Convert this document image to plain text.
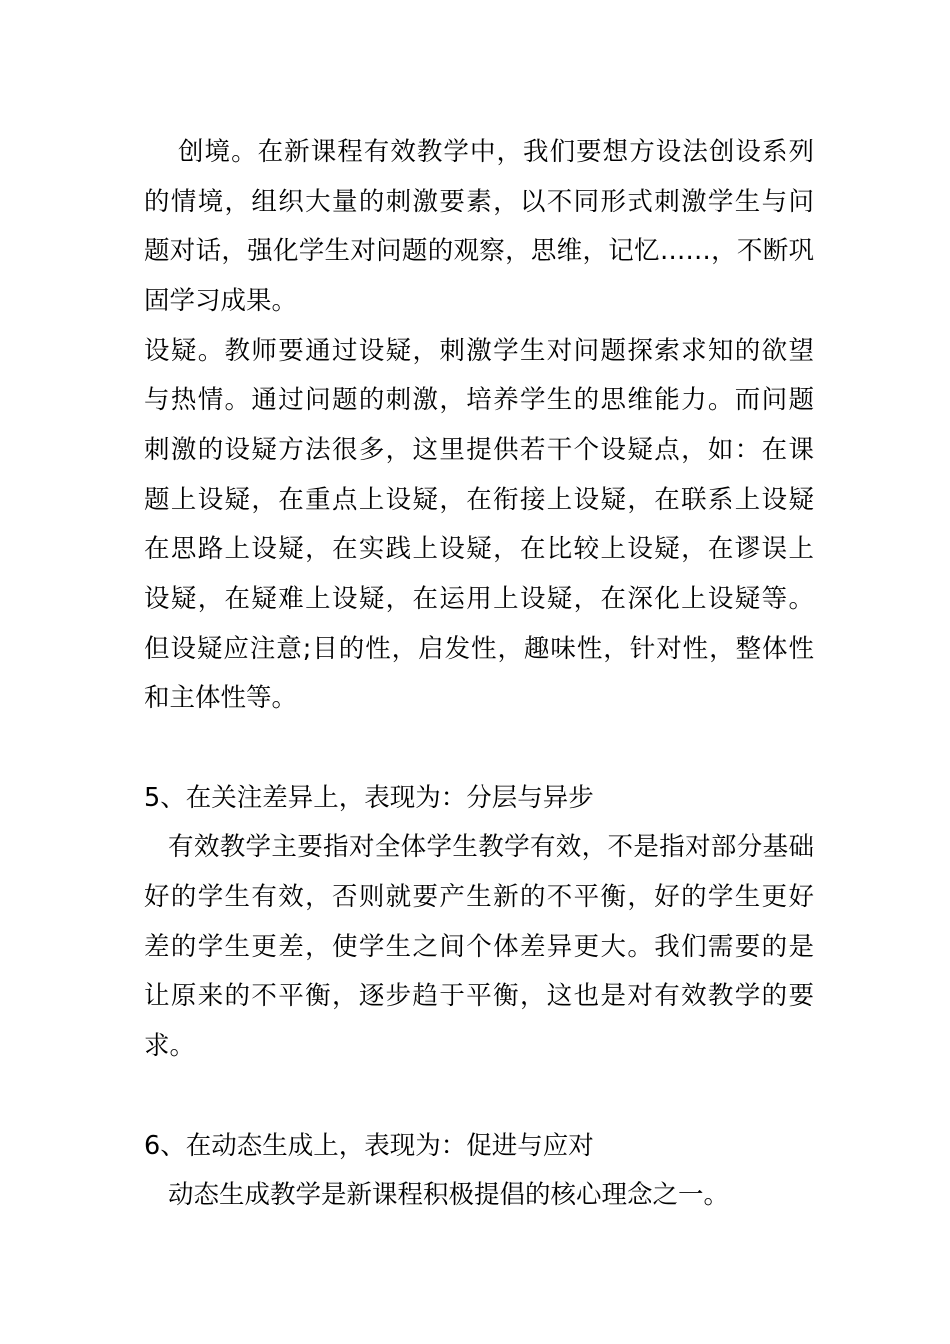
创境。在新课程有效教学中，我们要想方设法创设系列
的情境，组织大量的刺激要素，以不同形式刺激学生与问
题对话，强化学生对问题的观察，思维，记忆……，不断巩
固学习成果。
设疑。教师要通过设疑，刺激学生对问题探索求知的欲望
与热情。通过问题的刺激，培养学生的思维能力。而问题
刺激的设疑方法很多，这里提供若干个设疑点，如：在课
题上设疑，在重点上设疑，在衔接上设疑，在联系上设疑
在思路上设疑，在实践上设疑，在比较上设疑，在谬误上
设疑，在疑难上设疑，在运用上设疑，在深化上设疑等。
但设疑应注意;目的性，启发性，趣味性，针对性，整体性
和主体性等。
5、在关注差异上，表现为：分层与异步
有效教学主要指对全体学生教学有效，不是指对部分基础
好的学生有效，否则就要产生新的不平衡，好的学生更好
差的学生更差，使学生之间个体差异更大。我们需要的是
让原来的不平衡，逐步趋于平衡，这也是对有效教学的要
求。
6、在动态生成上，表现为：促进与应对
动态生成教学是新课程积极提倡的核心理念之一。
